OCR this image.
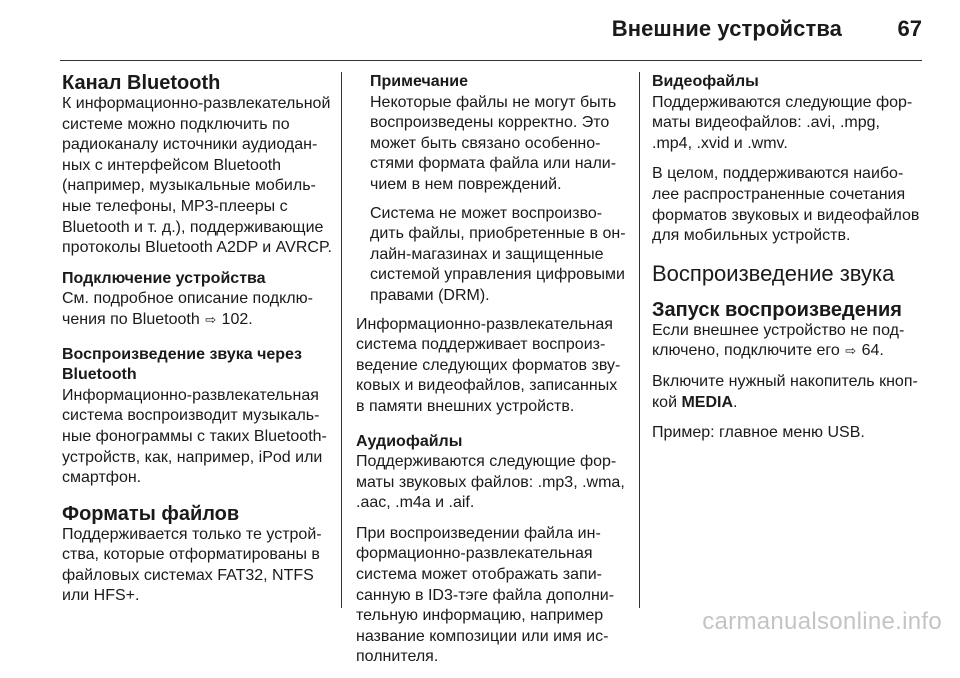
Внешние устройства	67
Канал Bluetooth

К информационно-развлекательной системе можно подключить по радиоканалу источники аудиоданных с интерфейсом Bluetooth (например, музыкальные мобильные телефоны, MP3-плееры с Bluetooth и т. д.), поддерживающие протоколы Bluetooth A2DP и AVRCP.

Подключение устройства

См. подробное описание подключения по Bluetooth ⇨ 102.

Воспроизведение звука через Bluetooth

Информационно-развлекательная система воспроизводит музыкальные фонограммы с таких Bluetooth-устройств, как, например, iPod или смартфон.

Форматы файлов

Поддерживается только те устройства, которые отформатированы в файловых системах FAT32, NTFS или HFS+.

Примечание

Некоторые файлы не могут быть воспроизведены корректно. Это может быть связано особенностями формата файла или наличием в нем повреждений.

Система не может воспроизводить файлы, приобретенные в онлайн-магазинах и защищенные системой управления цифровыми правами (DRM).

Информационно-развлекательная система поддерживает воспроизведение следующих форматов звуковых и видеофайлов, записанных в памяти внешних устройств.

Аудиофайлы

Поддерживаются следующие форматы звуковых файлов: .mp3, .wma, .aac, .m4a и .aif.

При воспроизведении файла информационно-развлекательная система может отображать записанную в ID3-тэге файла дополнительную информацию, например название композиции или имя исполнителя.

Видеофайлы

Поддерживаются следующие форматы видеофайлов: .avi, .mpg, .mp4, .xvid и .wmv.

В целом, поддерживаются наиболее распространенные сочетания форматов звуковых и видеофайлов для мобильных устройств.

Воспроизведение звука
Запуск воспроизведения

Если внешнее устройство не подключено, подключите его ⇨ 64.

Включите нужный накопитель кнопкой MEDIA.

Пример: главное меню USB.

carmanualsonline.info
